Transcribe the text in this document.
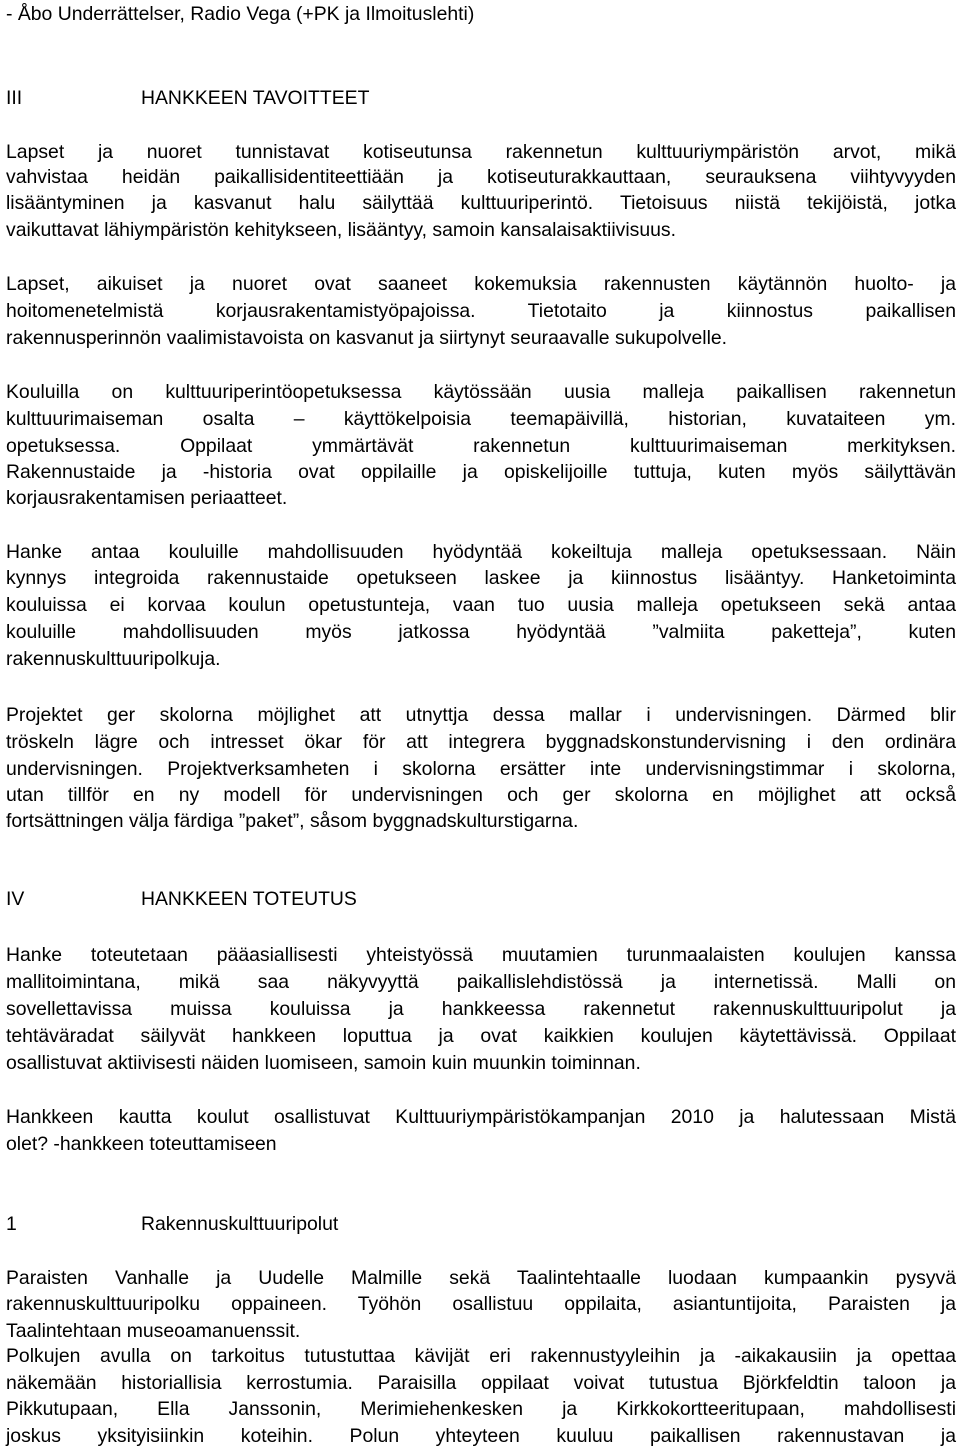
- Åbo Underrättelser, Radio Vega (+PK ja Ilmoituslehti)
III	HANKKEEN TAVOITTEET
Lapset ja nuoret tunnistavat kotiseutunsa rakennetun kulttuuriympäristön arvot, mikä
vahvistaa heidän paikallisidentiteettiään ja kotiseuturakkauttaan, seurauksena viihtyvyyden
lisääntyminen ja kasvanut halu säilyttää kulttuuriperintö. Tietoisuus niistä tekijöistä, jotka
vaikuttavat lähiympäristön kehitykseen, lisääntyy, samoin kansalaisaktiivisuus.
Lapset, aikuiset ja nuoret ovat saaneet kokemuksia rakennusten käytännön huolto- ja
hoitomenetelmistä korjausrakentamistyöpajoissa. Tietotaito ja kiinnostus paikallisen
rakennusperinnön vaalimistavoista on kasvanut ja siirtynyt seuraavalle sukupolvelle.
Kouluilla on kulttuuriperintöopetuksessa käytössään uusia malleja paikallisen rakennetun
kulttuurimaiseman osalta – käyttökelpoisia teemapäivillä, historian, kuvataiteen ym.
opetuksessa. Oppilaat ymmärtävät rakennetun kulttuurimaiseman merkityksen.
Rakennustaide ja -historia ovat oppilaille ja opiskelijoille tuttuja, kuten myös säilyttävän
korjausrakentamisen periaatteet.
Hanke antaa kouluille mahdollisuuden hyödyntää kokeiltuja malleja opetuksessaan. Näin
kynnys integroida rakennustaide opetukseen laskee ja kiinnostus lisääntyy. Hanketoiminta
kouluissa ei korvaa koulun opetustunteja, vaan tuo uusia malleja opetukseen sekä antaa
kouluille mahdollisuuden myös jatkossa hyödyntää ”valmiita paketteja”, kuten
rakennuskulttuuripolkuja.
Projektet ger skolorna möjlighet att utnyttja dessa mallar i undervisningen. Därmed blir
tröskeln lägre och intresset ökar för att integrera byggnadskonstundervisning i den ordinära
undervisningen. Projektverksamheten i skolorna ersätter inte undervisningstimmar i skolorna,
utan tillför en ny modell för undervisningen och ger skolorna en möjlighet att också
fortsättningen välja färdiga ”paket”, såsom byggnadskulturstigarna.
IV	HANKKEEN TOTEUTUS
Hanke toteutetaan pääasiallisesti yhteistyössä muutamien turunmaalaisten koulujen kanssa
mallitoimintana, mikä saa näkyvyyttä paikallislehdistössä ja internetissä. Malli on
sovellettavissa muissa kouluissa ja hankkeessa rakennetut rakennuskulttuuripolut ja
tehtäväradat säilyvät hankkeen loputtua ja ovat kaikkien koulujen käytettävissä. Oppilaat
osallistuvat aktiivisesti näiden luomiseen, samoin kuin muunkin toiminnan.
Hankkeen kautta koulut osallistuvat Kulttuuriympäristökampanjan 2010 ja halutessaan Mistä
olet? -hankkeen toteuttamiseen
1	Rakennuskulttuuripolut
Paraisten Vanhalle ja Uudelle Malmille sekä Taalintehtaalle luodaan kumpaankin pysyvä
rakennuskulttuuripolku oppaineen. Työhön osallistuu oppilaita, asiantuntijoita, Paraisten ja
Taalintehtaan museoamanuenssit.
Polkujen avulla on tarkoitus tutustuttaa kävijät eri rakennustyyleihin ja -aikakausiin ja opettaa
näkemään historiallisia kerrostumia. Paraisilla oppilaat voivat tutustua Björkfeldtin taloon ja
Pikkutupaan, Ella Janssonin, Merimiehenkesken ja Kirkkokortteeritupaan, mahdollisesti
joskus yksityisiinkin koteihin. Polun yhteyteen kuuluu paikallisen rakennustavan ja
